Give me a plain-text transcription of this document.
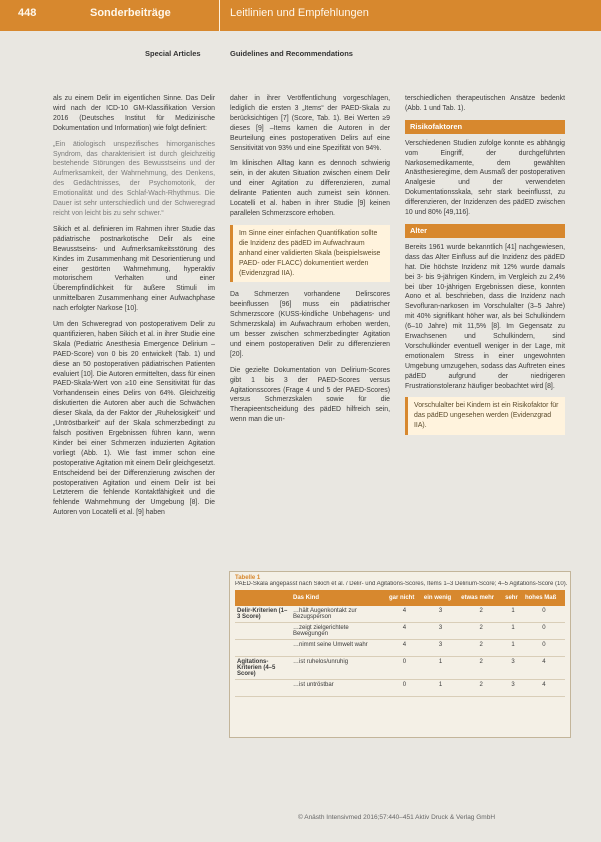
448	Sonderbeiträge	Leitlinien und Empfehlungen
Special Articles	Guidelines and Recommendations

als zu einem Delir im eigentlichen Sinne. Das Delir wird nach der ICD-10 GM-Klassifikation Version 2016 (Deutsches Institut für Medizinische Dokumentation und Information) wie folgt definiert:

„Ein ätiologisch unspezifisches hirnorganisches Syndrom, das charakterisiert ist durch gleichzeitig bestehende Störungen des Bewusstseins und der Aufmerksamkeit, der Wahrnehmung, des Denkens, des Gedächtnisses, der Psychomotorik, der Emotionalität und des Schlaf-Wach-Rhythmus. Die Dauer ist sehr unterschiedlich und der Schweregrad reicht von leicht bis zu sehr schwer.“

Sikich et al. definieren im Rahmen ihrer Studie das pädiatrische postnarkotische Delir als eine Bewusstseins- und Aufmerksamkeitsstörung des Kindes im Zusammenhang mit Desorientierung und einer gestörten Wahrnehmung, hyperaktiv motorischem Verhalten und einer Überempfindlichkeit für äußere Stimuli im unmittelbaren Zusammenhang einer Aufwachphase nach erfolgter Narkose [10].

Um den Schweregrad von postoperativem Delir zu quantifizieren, haben Sikich et al. in ihrer Studie eine Skala (Pediatric Anesthesia Emergence Delirium – PAED-Score) von 0 bis 20 entwickelt (Tab. 1) und diese an 50 postoperativen pädiatrischen Patienten evaluiert [10]. Die Autoren ermittelten, dass für einen PAED-Skala-Wert von ≥10 eine Sensitivität für das Vorhandensein eines Delirs von 64%. Gleichzeitig diskutierten die Autoren aber auch die Schwächen dieser Skala, da der Faktor der „Ruhelosigkeit“ und „Untröstbarkeit“ auf der Skala schmerzbedingt zu falsch positiven Ergebnissen führen kann, wenn Kinder bei einer Schmerzen induzierten Agitation vorliegt (Abb. 1). Wie fast immer schon eine postoperative Agitation mit einem Delir gleichgesetzt. Entscheidend bei der Differenzierung zwischen der postoperativen Agitation und einem Delir ist bei Letzterem die fehlende Kontaktfähigkeit und die fehlende Wahrnehmung der Umgebung [8]. Die Autoren von Locatelli et al. [9] haben

daher in ihrer Veröffentlichung vorgeschlagen, lediglich die ersten 3 „Items“ der PAED-Skala zu berücksichtigen [7] (Score, Tab. 1). Bei Werten ≥9 dieses [9] –Items kamen die Autoren in der Beurteilung eines postoperativen Delirs auf eine Sensitivität von 93% und eine Spezifität von 94%.

Im klinischen Alltag kann es dennoch schwierig sein, in der akuten Situation zwischen einem Delir und einer Agitation zu differenzieren, zumal delirante Patienten auch zumeist sein können. Locatelli et al. haben in ihrer Studie [9] keinen parallelen Schmerzscore erhoben.

Im Sinne einer einfachen Quantifikation sollte die Inzidenz des pädED im Aufwachraum anhand einer validierten Skala (beispielsweise PAED- oder FLACC) dokumentiert werden (Evidenzgrad IIA).

Da Schmerzen vorhandene Delirscores beeinflussen [96] muss ein pädiatrischer Schmerzscore (KUSS-kindliche Unbehagens- und Schmerzskala) im Aufwachraum erhoben werden, um besser zwischen schmerzbedingter Agitation und einem postoperativen Delir zu differenzieren [20].

Die gezielte Dokumentation von Delirium-Scores gibt 1 bis 3 der PAED-Scores versus Agitationsscores (Frage 4 und 5 der PAED-Scores) versus Schmerzskalen sowie für die Therapieentscheidung des pädED hilfreich sein, wenn man die un-

terschiedlichen therapeutischen Ansätze bedenkt (Abb. 1 und Tab. 1).

Risikofaktoren

Verschiedenen Studien zufolge konnte es abhängig vom Eingriff, der durchgeführten Narkosemedikamente, dem gewählten Anästhesieregime, dem Ausmaß der postoperativen Analgesie und der verwendeten Dokumentationsskala, sehr stark beeinflusst, zu differenzieren, der Inzidenzen des pädED zwischen 10 und 80% [49,116].

Alter

Bereits 1961 wurde bekanntlich [41] nachgewiesen, dass das Alter Einfluss auf die Inzidenz des pädED hat. Die höchste Inzidenz mit 12% wurde damals bei 3- bis 9-jährigen Kindern, im Vergleich zu 2,4% bei über 10-jährigen Ergebnissen diese, konnten Aono et al. beschrieben, dass die Inzidenz nach Sevofluran-narkosen im Vorschulalter (3–5 Jahre) mit 40% signifikant höher war, als bei Schulkindern (6–10 Jahre) mit 11,5% [8]. Im Gegensatz zu Erwachsenen und Schulkindern, sind Vorschulkinder eventuell weniger in der Lage, mit emotionalem Stress in einer ungewohnten Umgebung umzugehen, sodass das Auftreten eines pädED aufgrund der niedrigeren Frustrationstoleranz häufiger beobachtet wird [8].

Vorschulalter bei Kindern ist ein Risikofaktor für das pädED ungesehen werden (Evidenzgrad IIA).
Tabelle 1
PAED-Skala angepasst nach Sikich et al. / Delir- und Agitations-Scores, Items 1–3 Delirium-Score; 4–5 Agitations-Score (10).
	Das Kind	gar nicht	ein wenig	etwas mehr	sehr	hohes Maß
Delir-Kriterien (1–3 Score)	…hält Augenkontakt zur Bezugsperson	4	3	2	1	0
	…zeigt zielgerichtete Bewegungen	4	3	2	1	0
	…nimmt seine Umwelt wahr	4	3	2	1	0
Agitations-Kriterien (4–5 Score)	…ist ruhelos/unruhig	0	1	2	3	4
	…ist untröstbar	0	1	2	3	4
© Anästh Intensivmed 2016;57:440–451 Aktiv Druck & Verlag GmbH
